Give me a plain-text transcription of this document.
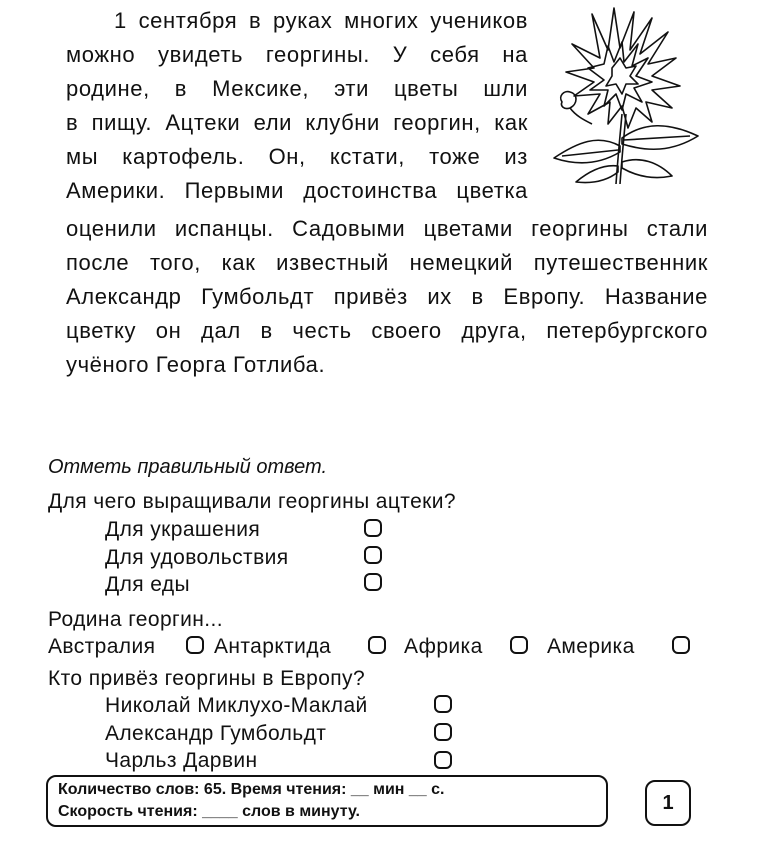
1 сентября в руках многих учеников
можно увидеть георгины. У себя на
родине, в Мексике, эти цветы шли
в пищу. Ацтеки ели клубни георгин, как
мы картофель. Он, кстати, тоже из
Америки. Первыми достоинства цветка
оценили испанцы. Садовыми цветами георгины стали
после того, как известный немецкий путешественник
Александр Гумбольдт привёз их в Европу. Название
цветку он дал в честь своего друга, петербургского
учёного Георга Готлиба.
Отметь правильный ответ.
Для чего выращивали георгины ацтеки?
Для украшения
Для удовольствия
Для еды
Родина георгин...
Австралия	Антарктида	Африка	Америка
Кто привёз георгины в Европу?
Николай Миклухо-Маклай
Александр Гумбольдт
Чарльз Дарвин
Количество слов: 65. Время чтения: __ мин __ с.
Скорость чтения: ____ слов в минуту.	1
